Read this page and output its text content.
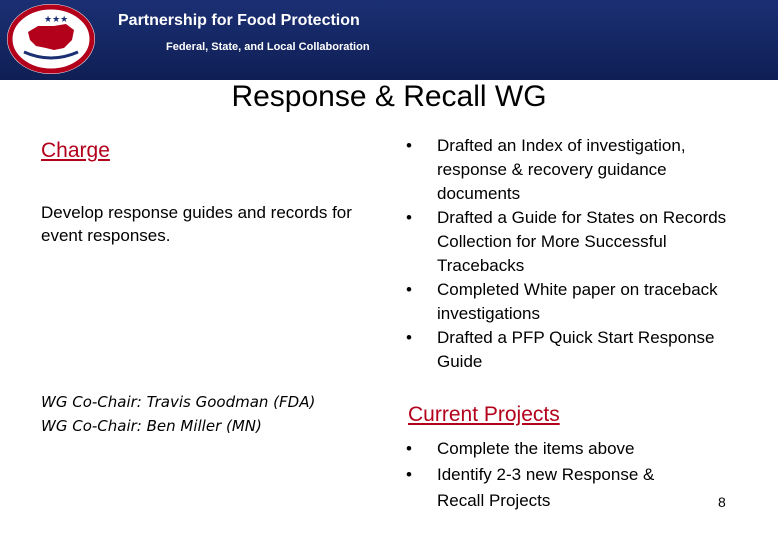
★★★	Partnership for Food Protection
Federal, State, and Local Collaboration
Response & Recall WG
Charge
Develop response guides and records for event responses.
WG Co-Chair: Travis Goodman (FDA)
WG Co-Chair: Ben Miller (MN)
• Drafted an Index of investigation, response & recovery guidance documents
• Drafted a Guide for States on Records Collection for More Successful Tracebacks
• Completed White paper on traceback investigations
• Drafted a PFP Quick Start Response Guide
Current Projects
• Complete the items above
• Identify 2-3 new Response & Recall Projects	8
